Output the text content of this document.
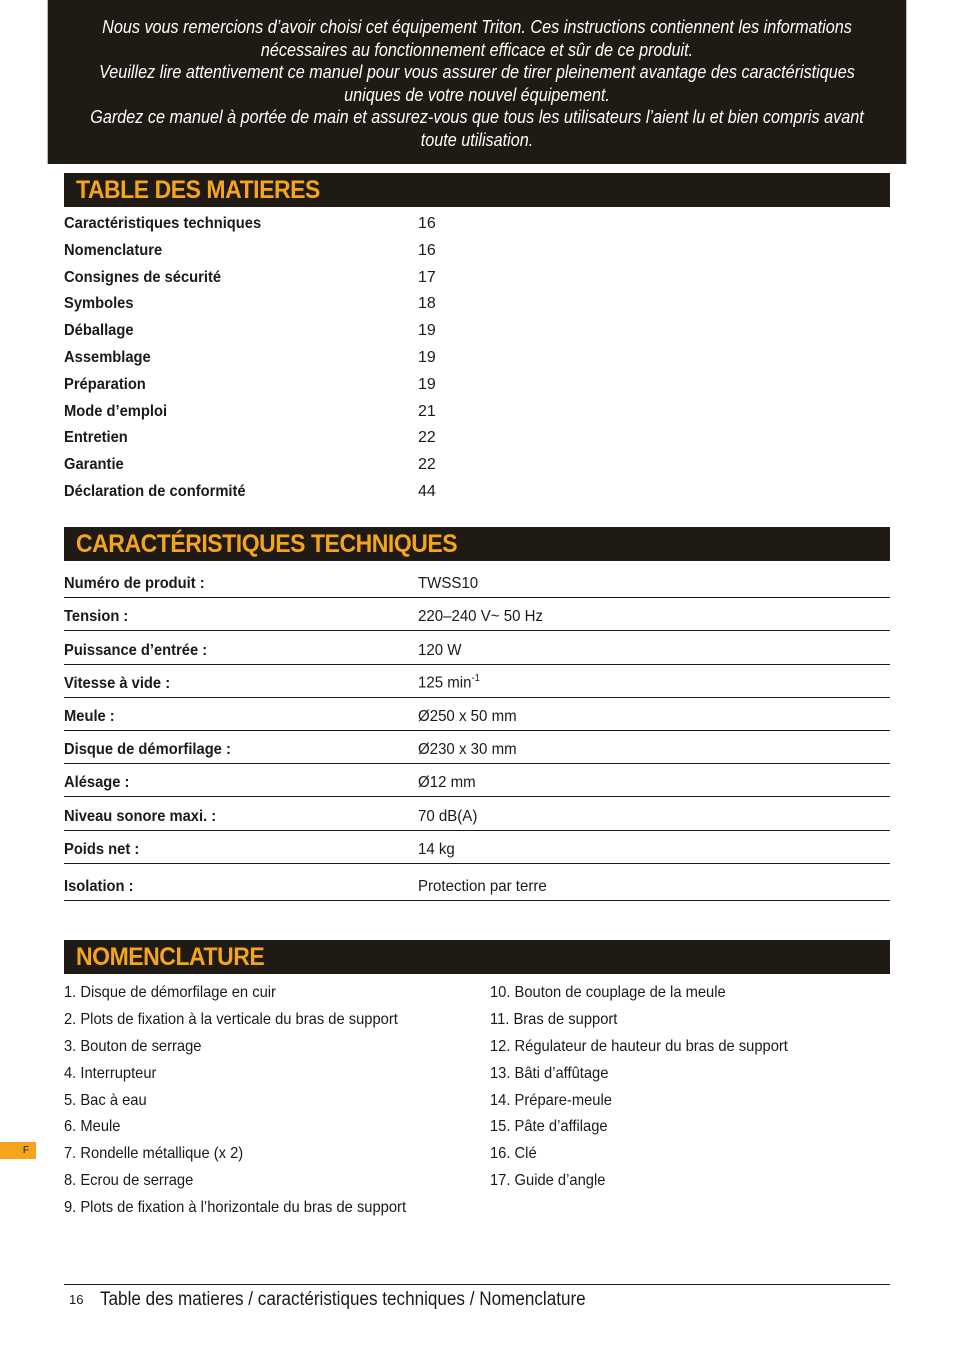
Nous vous remercions d’avoir choisi cet équipement Triton. Ces instructions contiennent les informations

nécessaires au fonctionnement efficace et sûr de ce produit.

Veuillez lire attentivement ce manuel pour vous assurer de tirer pleinement avantage des caractéristiques

uniques de votre nouvel équipement.

Gardez ce manuel à portée de main et assurez-vous que tous les utilisateurs l’aient lu et bien compris avant

toute utilisation.

TABLE DES MATIERES
Caractéristiques techniques	16
Nomenclature	16
Consignes de sécurité	17
Symboles	18
Déballage	19
Assemblage	19
Préparation	19
Mode d’emploi	21
Entretien	22
Garantie	22
Déclaration de conformité	44
CARACTÉRISTIQUES TECHNIQUES
Numéro de produit :	TWSS10
Tension :	220–240 V~ 50 Hz
Puissance d’entrée :	120 W
Vitesse à vide :	125 $\min^{-1}$
Meule :	Ø250 x 50 mm
Disque de démorfilage :	Ø230 x 30 mm
Alésage :	Ø12 mm
Niveau sonore maxi. :	70 dB(A)
Poids net :	14 kg
Isolation :	Protection par terre
NOMENCLATURE
1. Disque de démorfilage en cuir
2. Plots de fixation à la verticale du bras de support
3. Bouton de serrage
4. Interrupteur
5. Bac à eau
6. Meule
7. Rondelle métallique (x 2)
8. Ecrou de serrage
9. Plots de fixation à l’horizontale du bras de support
10. Bouton de couplage de la meule
11. Bras de support
12. Régulateur de hauteur du bras de support
13. Bâti d’affûtage
14. Prépare-meule
15. Pâte d’affilage
16. Clé
17. Guide d’angle
F
16 Table des matieres / caractéristiques techniques / Nomenclature
